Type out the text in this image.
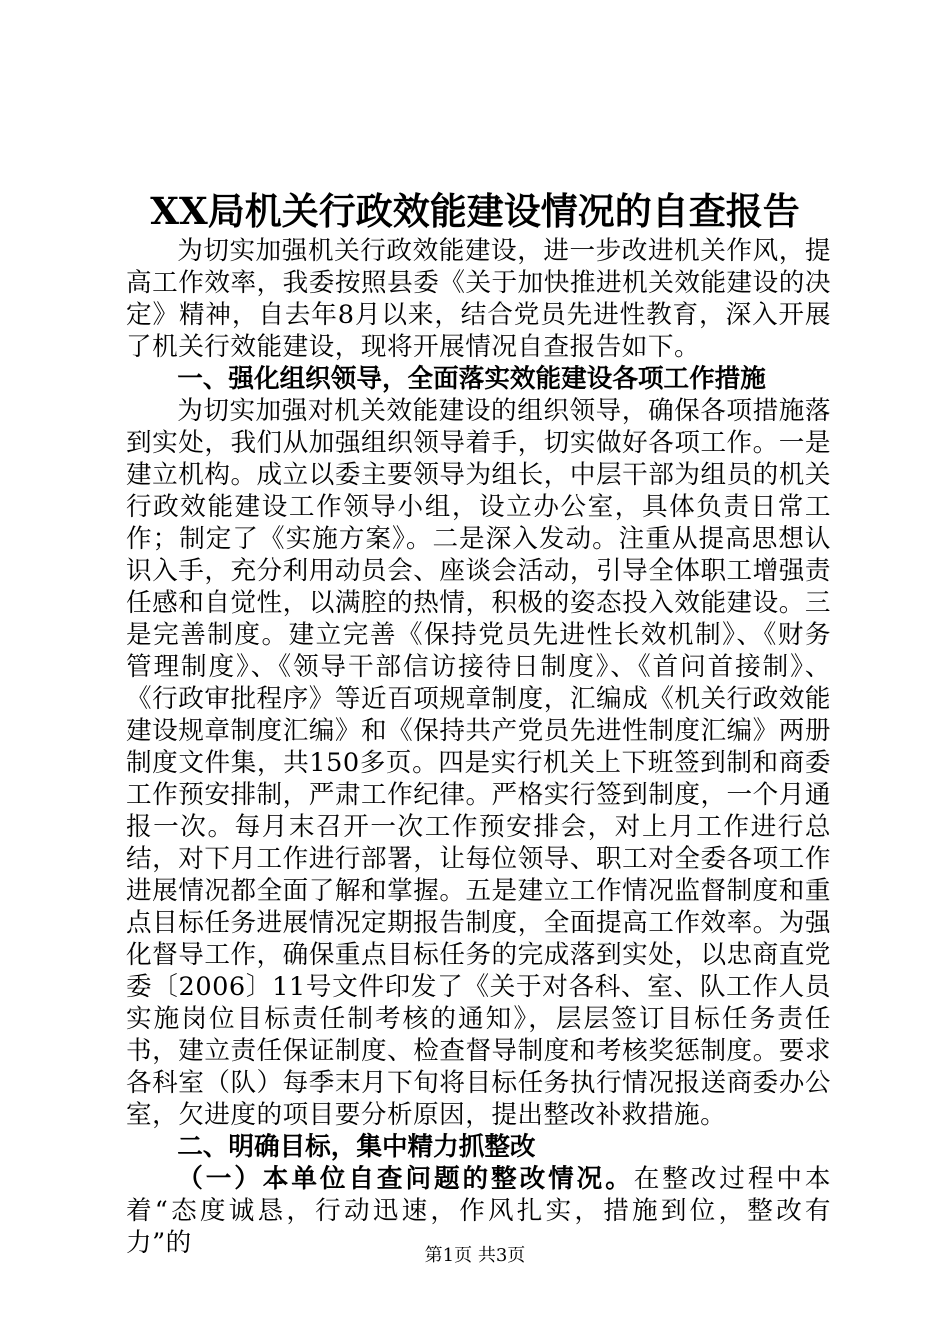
XX局机关行政效能建设情况的自查报告

为切实加强机关行政效能建设，进一步改进机关作风，提高工作效率，我委按照县委《关于加快推进机关效能建设的决定》精神，自去年8月以来，结合党员先进性教育，深入开展了机关行效能建设，现将开展情况自查报告如下。

一、强化组织领导，全面落实效能建设各项工作措施

为切实加强对机关效能建设的组织领导，确保各项措施落到实处，我们从加强组织领导着手，切实做好各项工作。一是建立机构。成立以委主要领导为组长，中层干部为组员的机关行政效能建设工作领导小组，设立办公室，具体负责日常工作；制定了《实施方案》。二是深入发动。注重从提高思想认识入手，充分利用动员会、座谈会活动，引导全体职工增强责任感和自觉性，以满腔的热情，积极的姿态投入效能建设。三是完善制度。建立完善《保持党员先进性长效机制》、《财务管理制度》、《领导干部信访接待日制度》、《首问首接制》、《行政审批程序》等近百项规章制度，汇编成《机关行政效能建设规章制度汇编》和《保持共产党员先进性制度汇编》两册制度文件集，共150多页。四是实行机关上下班签到制和商委工作预安排制，严肃工作纪律。严格实行签到制度，一个月通报一次。每月末召开一次工作预安排会，对上月工作进行总结，对下月工作进行部署，让每位领导、职工对全委各项工作进展情况都全面了解和掌握。五是建立工作情况监督制度和重点目标任务进展情况定期报告制度，全面提高工作效率。为强化督导工作，确保重点目标任务的完成落到实处，以忠商直党委〔2006〕11号文件印发了《关于对各科、室、队工作人员实施岗位目标责任制考核的通知》，层层签订目标任务责任书，建立责任保证制度、检查督导制度和考核奖惩制度。要求各科室（队）每季末月下旬将目标任务执行情况报送商委办公室，欠进度的项目要分析原因，提出整改补救措施。

二、明确目标，集中精力抓整改

（一）本单位自查问题的整改情况。在整改过程中本着“态度诚恳，行动迅速，作风扎实，措施到位，整改有力”的	第1页 共3页
